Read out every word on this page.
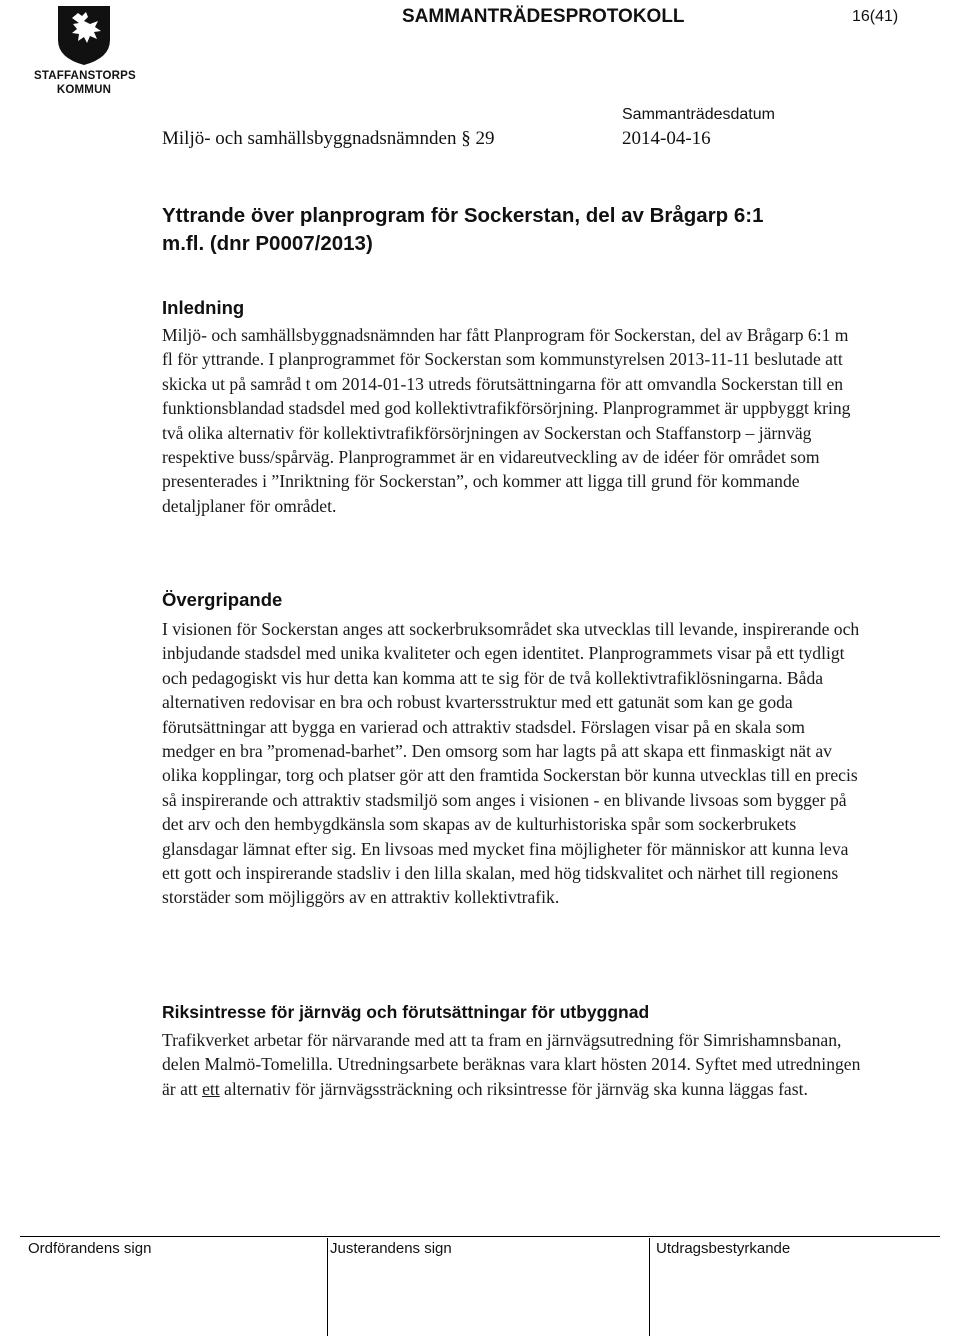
STAFFANSTORPS
KOMMUN
SAMMANTRÄDESPROTOKOLL	16(41)
Sammanträdesdatum
Miljö- och samhällsbyggnadsnämnden § 29	2014-04-16
Yttrande över planprogram för Sockerstan, del av Brågarp 6:1
m.fl. (dnr P0007/2013)
Inledning
Miljö- och samhällsbyggnadsnämnden har fått Planprogram för Sockerstan, del av Brågarp 6:1 m fl för yttrande. I planprogrammet för Sockerstan som kommunstyrelsen 2013-11-11 beslutade att skicka ut på samråd t om 2014-01-13 utreds förutsättningarna för att omvandla Sockerstan till en funktionsblandad stadsdel med god kollektivtrafikförsörjning. Planprogrammet är uppbyggt kring två olika alternativ för kollektivtrafikförsörjningen av Sockerstan och Staffanstorp – järnväg respektive buss/spårväg. Planprogrammet är en vidareutveckling av de idéer för området som presenterades i ”Inriktning för Sockerstan”, och kommer att ligga till grund för kommande detaljplaner för området.
Övergripande
I visionen för Sockerstan anges att sockerbruksområdet ska utvecklas till levande, inspirerande och inbjudande stadsdel med unika kvaliteter och egen identitet. Planprogrammets visar på ett tydligt och pedagogiskt vis hur detta kan komma att te sig för de två kollektivtrafiklösningarna. Båda alternativen redovisar en bra och robust kvartersstruktur med ett gatunät som kan ge goda förutsättningar att bygga en varierad och attraktiv stadsdel. Förslagen visar på en skala som medger en bra ”promenad-barhet”. Den omsorg som har lagts på att skapa ett finmaskigt nät av olika kopplingar, torg och platser gör att den framtida Sockerstan bör kunna utvecklas till en precis så inspirerande och attraktiv stadsmiljö som anges i visionen - en blivande livsoas som bygger på det arv och den hembygdkänsla som skapas av de kulturhistoriska spår som sockerbrukets glansdagar lämnat efter sig. En livsoas med mycket fina möjligheter för människor att kunna leva ett gott och inspirerande stadsliv i den lilla skalan, med hög tidskvalitet och närhet till regionens storstäder som möjliggörs av en attraktiv kollektivtrafik.
Riksintresse för järnväg och förutsättningar för utbyggnad
Trafikverket arbetar för närvarande med att ta fram en järnvägsutredning för Simrishamnsbanan, delen Malmö-Tomelilla. Utredningsarbete beräknas vara klart hösten 2014. Syftet med utredningen är att ett alternativ för järnvägssträckning och riksintresse för järnväg ska kunna läggas fast.
Ordförandens sign	Justerandens sign	Utdragsbestyrkande
